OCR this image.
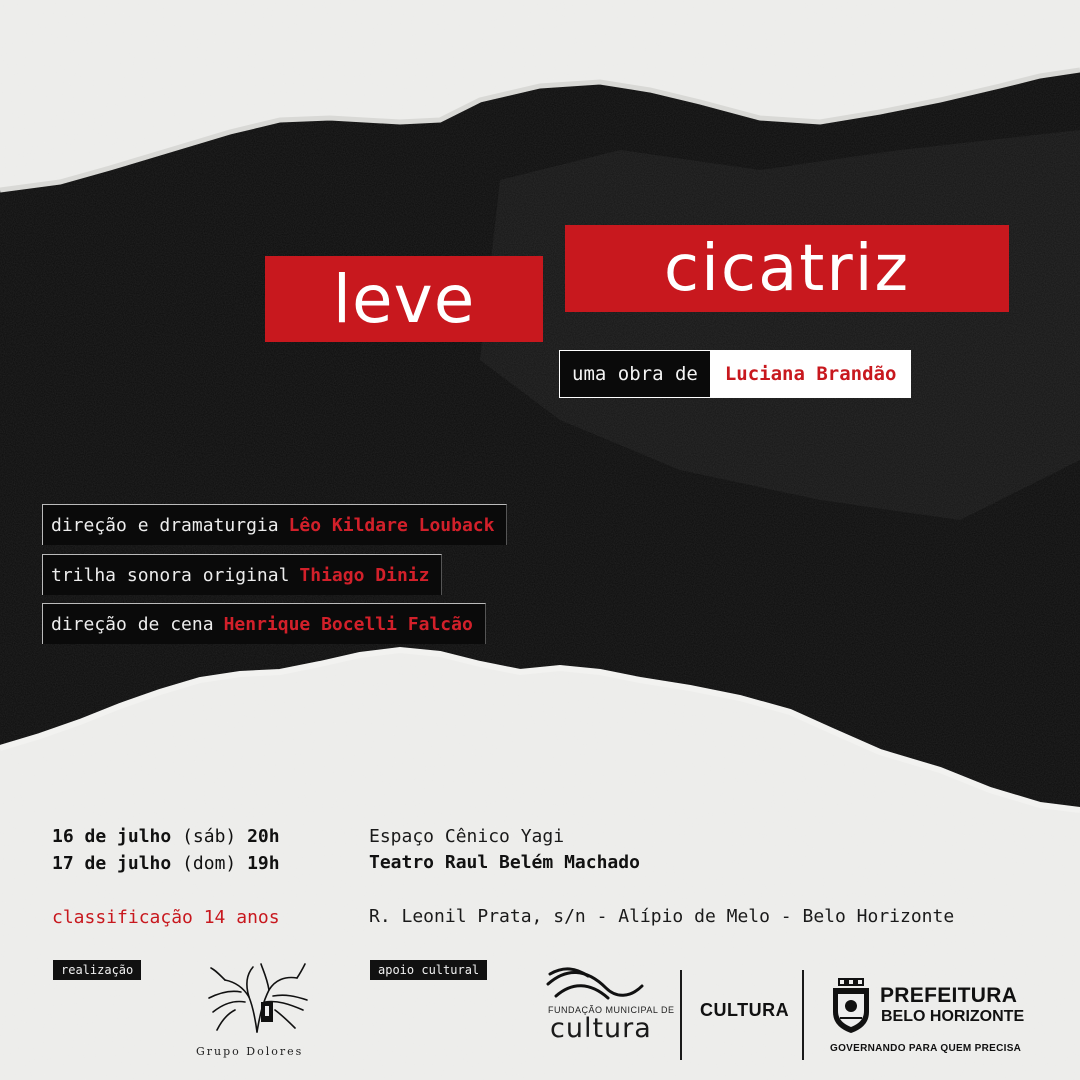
leve	cicatriz
uma obra de	Luciana Brandão
direção e dramaturgia Lêo Kildare Louback
trilha sonora original Thiago Diniz
direção de cena Henrique Bocelli Falcão
16 de julho (sáb) 20h
17 de julho (dom) 19h
classificação 14 anos
Espaço Cênico Yagi
Teatro Raul Belém Machado
R. Leonil Prata, s/n - Alípio de Melo - Belo Horizonte
realização	apoio cultural
Grupo Dolores
FUNDAÇÃO MUNICIPAL DE
cultura
CULTURA
PREFEITURA
BELO HORIZONTE
GOVERNANDO PARA QUEM PRECISA
